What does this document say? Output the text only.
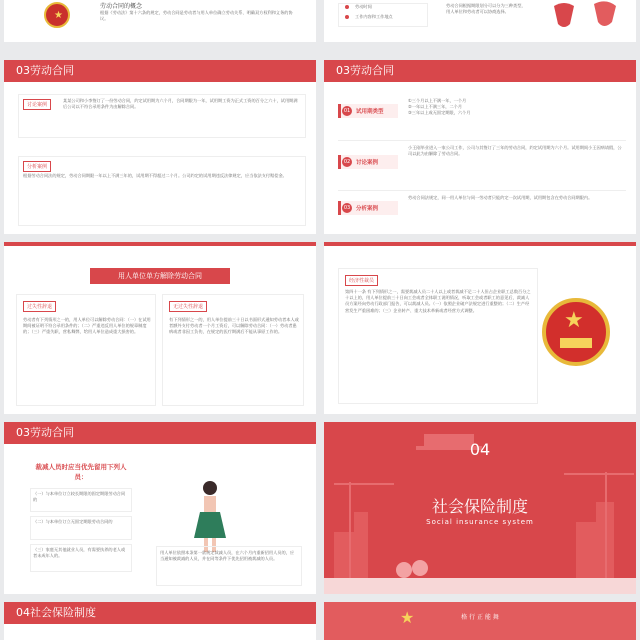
★
劳动合同的概念
根据《劳动法》第十六条的规定，劳动合同是劳动者与用人单位确立劳动关系、明确双方权利和义务的协议。
劳动时间
工作内容和工作地点
劳动合同根据期限划分可以分为三种类型，用人单位和劳动者可以协商选择。
03劳动合同
讨论案例
某某公司和小李签订了一份劳动合同，约定试用期为六个月，合同期限为一年，试用期工资为正式工资的百分之六十，试用期满后公司以不符合录用条件为由解除合同。
分析案例
根据劳动合同法的规定，劳动合同期限一年以上不满三年的，试用期不得超过二个月。公司约定的试用期违反法律规定，应当依法支付赔偿金。
03劳动合同
01	试用期类型
①三个月以上不满一年，一个月
②一年以上不满三年，二个月
③三年以上或无固定期限，六个月
02	讨论案例
小王刚毕业进入一家公司工作，公司与其签订了三年的劳动合同，约定试用期为六个月。试用期间小王因病请假，公司以此为由解除了劳动合同。
03	分析案例
劳动合同法规定，同一用人单位与同一劳动者只能约定一次试用期，试用期包含在劳动合同期限内。
用人单位单方解除劳动合同
过失性辞退
劳动者有下列情形之一的，用人单位可以解除劳动合同：（一）在试用期间被证明不符合录用条件的；（二）严重违反用人单位的规章制度的；（三）严重失职，营私舞弊，给用人单位造成重大损害的。
无过失性辞退
有下列情形之一的，用人单位提前三十日以书面形式通知劳动者本人或者额外支付劳动者一个月工资后，可以解除劳动合同：（一）劳动者患病或者非因工负伤，在规定的医疗期满后不能从事原工作的。
经济性裁员
第四十一条 有下列情形之一，需要裁减人员二十人以上或者裁减不足二十人但占企业职工总数百分之十以上的，用人单位提前三十日向工会或者全体职工说明情况，听取工会或者职工的意见后，裁减人员方案经向劳动行政部门报告，可以裁减人员。（一）依照企业破产法规定进行重整的；（二）生产经营发生严重困难的；（三）企业转产、重大技术革新或者经营方式调整。	★
03劳动合同
裁减人员时应当优先留用下列人员：
（一）与本单位订立较长期限的固定期限劳动合同的
（二）与本单位订立无固定期限劳动合同的
（三）家庭无其他就业人员，有需要扶养的老人或者未成年人的。
用人单位依照本条第一款规定裁减人员，在六个月内重新招用人员的，应当通知被裁减的人员，并在同等条件下优先招用被裁减的人员。
04
社会保险制度
Social insurance system
04社会保险制度	★	格 行 正 能 舞
